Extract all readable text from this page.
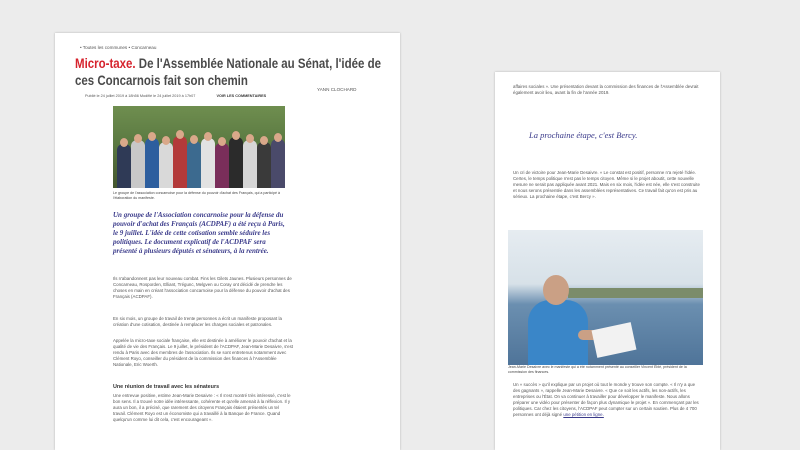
• Toutes les communes • Concarneau
Micro-taxe. De l'Assemblée Nationale au Sénat, l'idée de ces Concarnois fait son chemin
YANN CLOCHARD
Publié le 24 juillet 2019 à 18h56 Modifié le 24 juillet 2019 à 17h07	VOIR LES COMMENTAIRES
Le groupe de l'association concarnoise pour la défense du pouvoir d'achat des Français, qui a participé à l'élaboration du manifeste.
Un groupe de l'Association concarnoise pour la défense du pouvoir d'achat des Français (ACDPAF) a été reçu à Paris, le 9 juillet. L'idée de cette cotisation semble séduire les politiques. Le document explicatif de l'ACDPAF sera présenté à plusieurs députés et sénateurs, à la rentrée.
Ils n'abandonnent pas leur nouveau combat. Fins les Gilets Jaunes. Plusieurs personnes de Concarneau, Rosporden, Elliant, Trégunc, Melgven ou Coray ont décidé de prendre les choses en main en créant l'association concarnoise pour la défense du pouvoir d'achat des Français (ACDPAF).
En six mois, un groupe de travail de trente personnes a écrit un manifeste proposant la création d'une cotisation, destinée à remplacer les charges sociales et patronales.
Appelée la micro-taxe sociale française, elle est destinée à améliorer le pouvoir d'achat et la qualité de vie des Français. Le 9 juillet, le président de l'ACDPAF, Jean-Marie Desaivre, s'est rendu à Paris avec des membres de l'association. Ils se sont entretenus notamment avec Clément Royo, conseiller du président de la commission des finances à l'Assemblée Nationale, Eric Woerth.
Une réunion de travail avec les sénateurs
Une entrevue positive, estime Jean-Marie Desaivre : « Il s'est montré très intéressé, c'est le bon sens. Il a trouvé notre idée intéressante, cohérente et qu'elle amenait à la réflexion. Il y aura un bon, il a précisé, que rarement des citoyens Français étaient présentés un tel travail. Clément Royo est un économiste qui a travaillé à la Banque de France. Quand quelqu'un comme lui dit cela, c'est encourageant ».
affaires sociales ». Une présentation devant la commission des finances de l'Assemblée devrait également avoir lieu, avant la fin de l'année 2019.
La prochaine étape, c'est Bercy.
Un cri de victoire pour Jean-Marie Desaivre. « Le constat est positif, personne n'a rejeté l'idée. Certes, le temps politique n'est pas le temps citoyen. Même si le projet aboutit, cette nouvelle mesure ne serait pas appliquée avant 2021. Mais en six mois, l'idée est née, elle s'est construite et nous serons présentée dans les assemblées représentatives. Ce travail fait qu'on est pris au sérieux. La prochaine étape, c'est Bercy ».
Jean-Marie Desaivre avec le manifeste qui a été notamment présenté au conseiller Vincent Éblé, président de la commission des finances.
Un « succès » qu'il explique par un projet où tout le monde y trouve son compte. « Il n'y a que des gagnants », rappelle Jean-Marie Desaivre. « Que ce soit les actifs, les non-actifs, les entreprises ou l'État. On va continuer à travailler pour développer le manifeste. Nous allons préparer une vidéo pour présenter de façon plus dynamique le projet ». En commençant par les politiques. Car chez les citoyens, l'ACDPAF peut compter sur un certain soutien. Plus de 4 700 personnes ont déjà signé une pétition en ligne.
